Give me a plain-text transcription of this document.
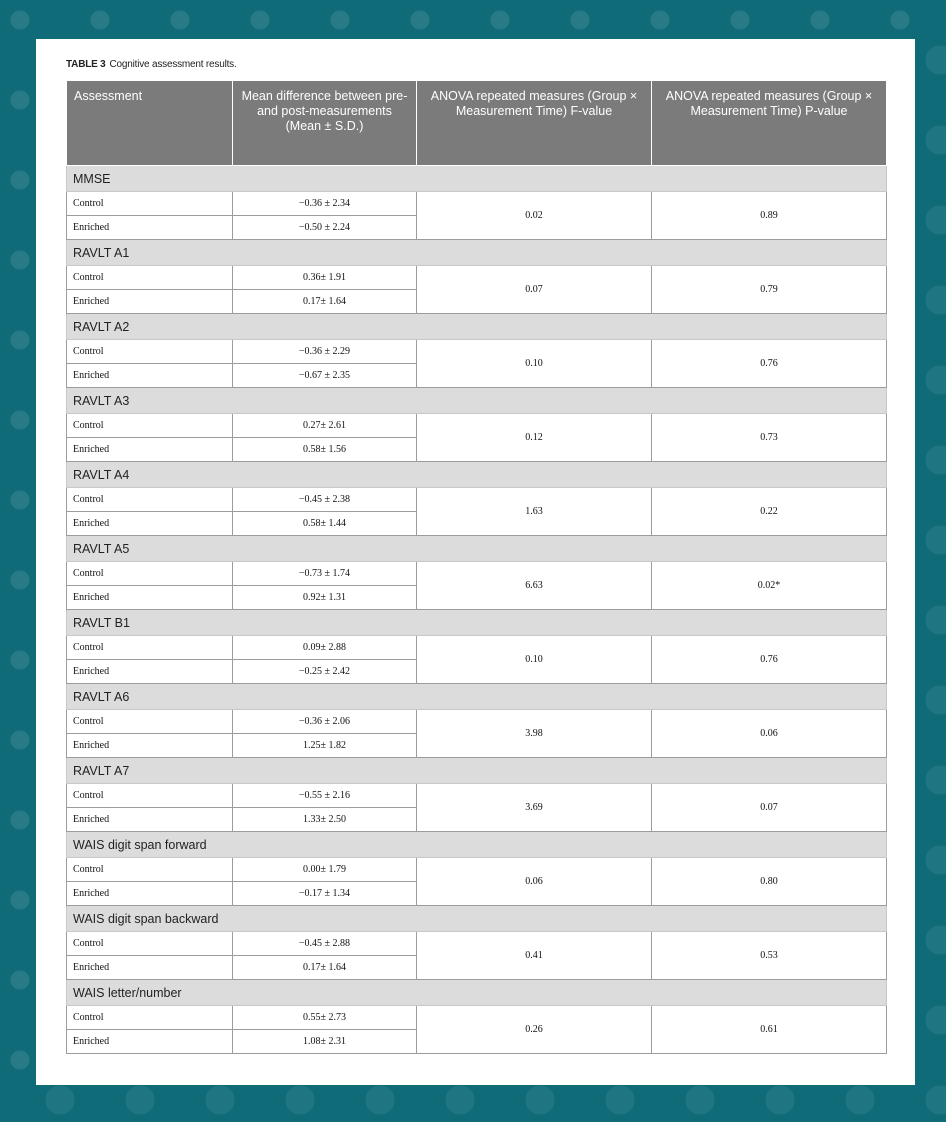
TABLE 3 Cognitive assessment results.
Assessment	Mean difference between pre- and post-measurements (Mean ± S.D.)	ANOVA repeated measures (Group × Measurement Time) F-value	ANOVA repeated measures (Group × Measurement Time) P-value
MMSE			
Control	−0.36 ± 2.34	0.02	0.89
Enriched	−0.50 ± 2.24		
RAVLT A1			
Control	0.36± 1.91	0.07	0.79
Enriched	0.17± 1.64		
RAVLT A2			
Control	−0.36 ± 2.29	0.10	0.76
Enriched	−0.67 ± 2.35		
RAVLT A3			
Control	0.27± 2.61	0.12	0.73
Enriched	0.58± 1.56		
RAVLT A4			
Control	−0.45 ± 2.38	1.63	0.22
Enriched	0.58± 1.44		
RAVLT A5			
Control	−0.73 ± 1.74	6.63	0.02*
Enriched	0.92± 1.31		
RAVLT B1			
Control	0.09± 2.88	0.10	0.76
Enriched	−0.25 ± 2.42		
RAVLT A6			
Control	−0.36 ± 2.06	3.98	0.06
Enriched	1.25± 1.82		
RAVLT A7			
Control	−0.55 ± 2.16	3.69	0.07
Enriched	1.33± 2.50		
WAIS digit span forward			
Control	0.00± 1.79	0.06	0.80
Enriched	−0.17 ± 1.34		
WAIS digit span backward			
Control	−0.45 ± 2.88	0.41	0.53
Enriched	0.17± 1.64		
WAIS letter/number			
Control	0.55± 2.73	0.26	0.61
Enriched	1.08± 2.31		
